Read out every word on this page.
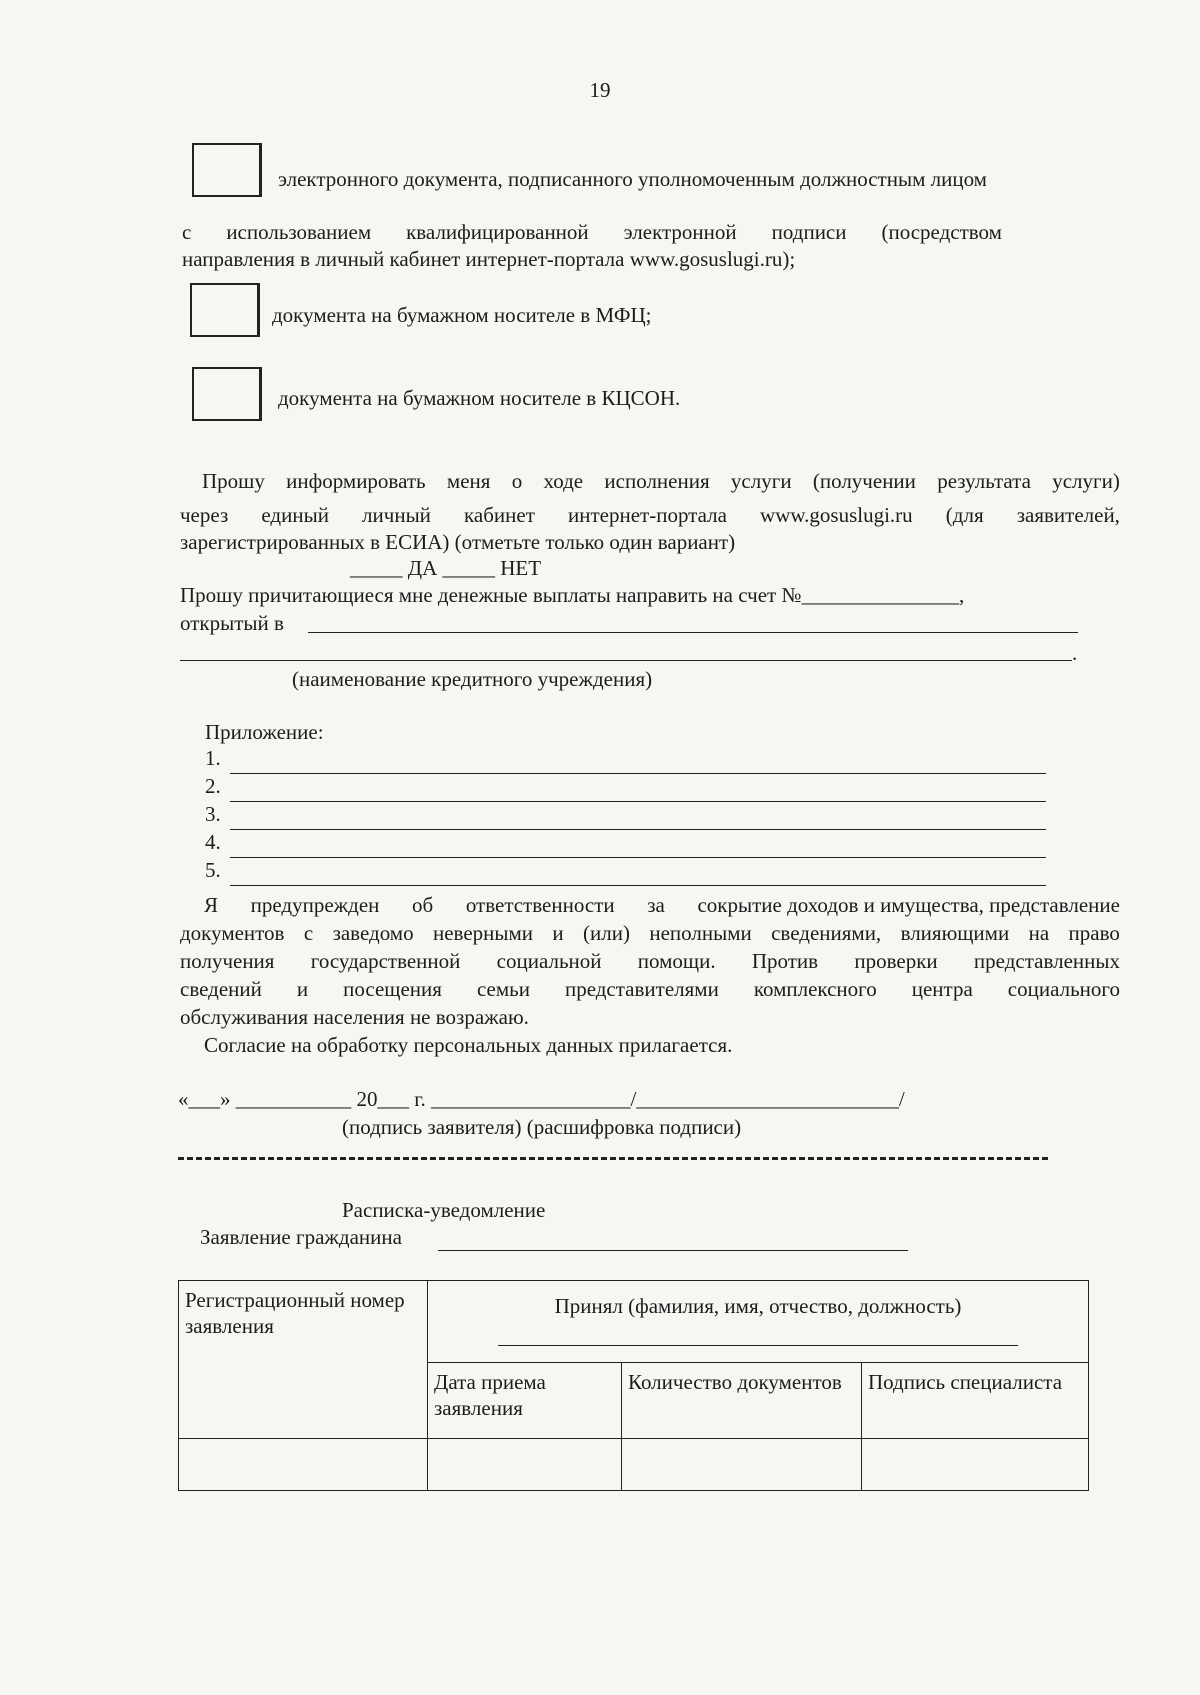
19
электронного документа, подписанного уполномоченным должностным лицом
с использованием квалифицированной электронной подписи (посредством
направления в личный кабинет интернет-портала www.gosuslugi.ru);
документа на бумажном носителе в МФЦ;
документа на бумажном носителе в КЦСОН.
Прошу информировать меня о ходе исполнения услуги (получении результата услуги)
через единый личный кабинет интернет-портала www.gosuslugi.ru (для заявителей,
зарегистрированных в ЕСИА) (отметьте только один вариант)
_____ ДА _____ НЕТ
Прошу причитающиеся мне денежные выплаты направить на счет №_______________,
открытый в
.
(наименование кредитного учреждения)
Приложение:
1.
2.
3.
4.
5.
Я предупрежден об ответственности за сокрытие доходов и имущества, представление
документов с заведомо неверными и (или) неполными сведениями, влияющими на право
получения государственной социальной помощи. Против проверки представленных
сведений и посещения семьи представителями комплексного центра социального
обслуживания населения не возражаю.
Согласие на обработку персональных данных прилагается.
«___» ___________ 20___ г. ___________________/_________________________/
(подпись заявителя) (расшифровка подписи)
Расписка-уведомление
Заявление гражданина
Регистрационный номер заявления	Принял (фамилия, имя, отчество, должность)		

	Дата приема заявления	Количество документов	Подпись специалиста
